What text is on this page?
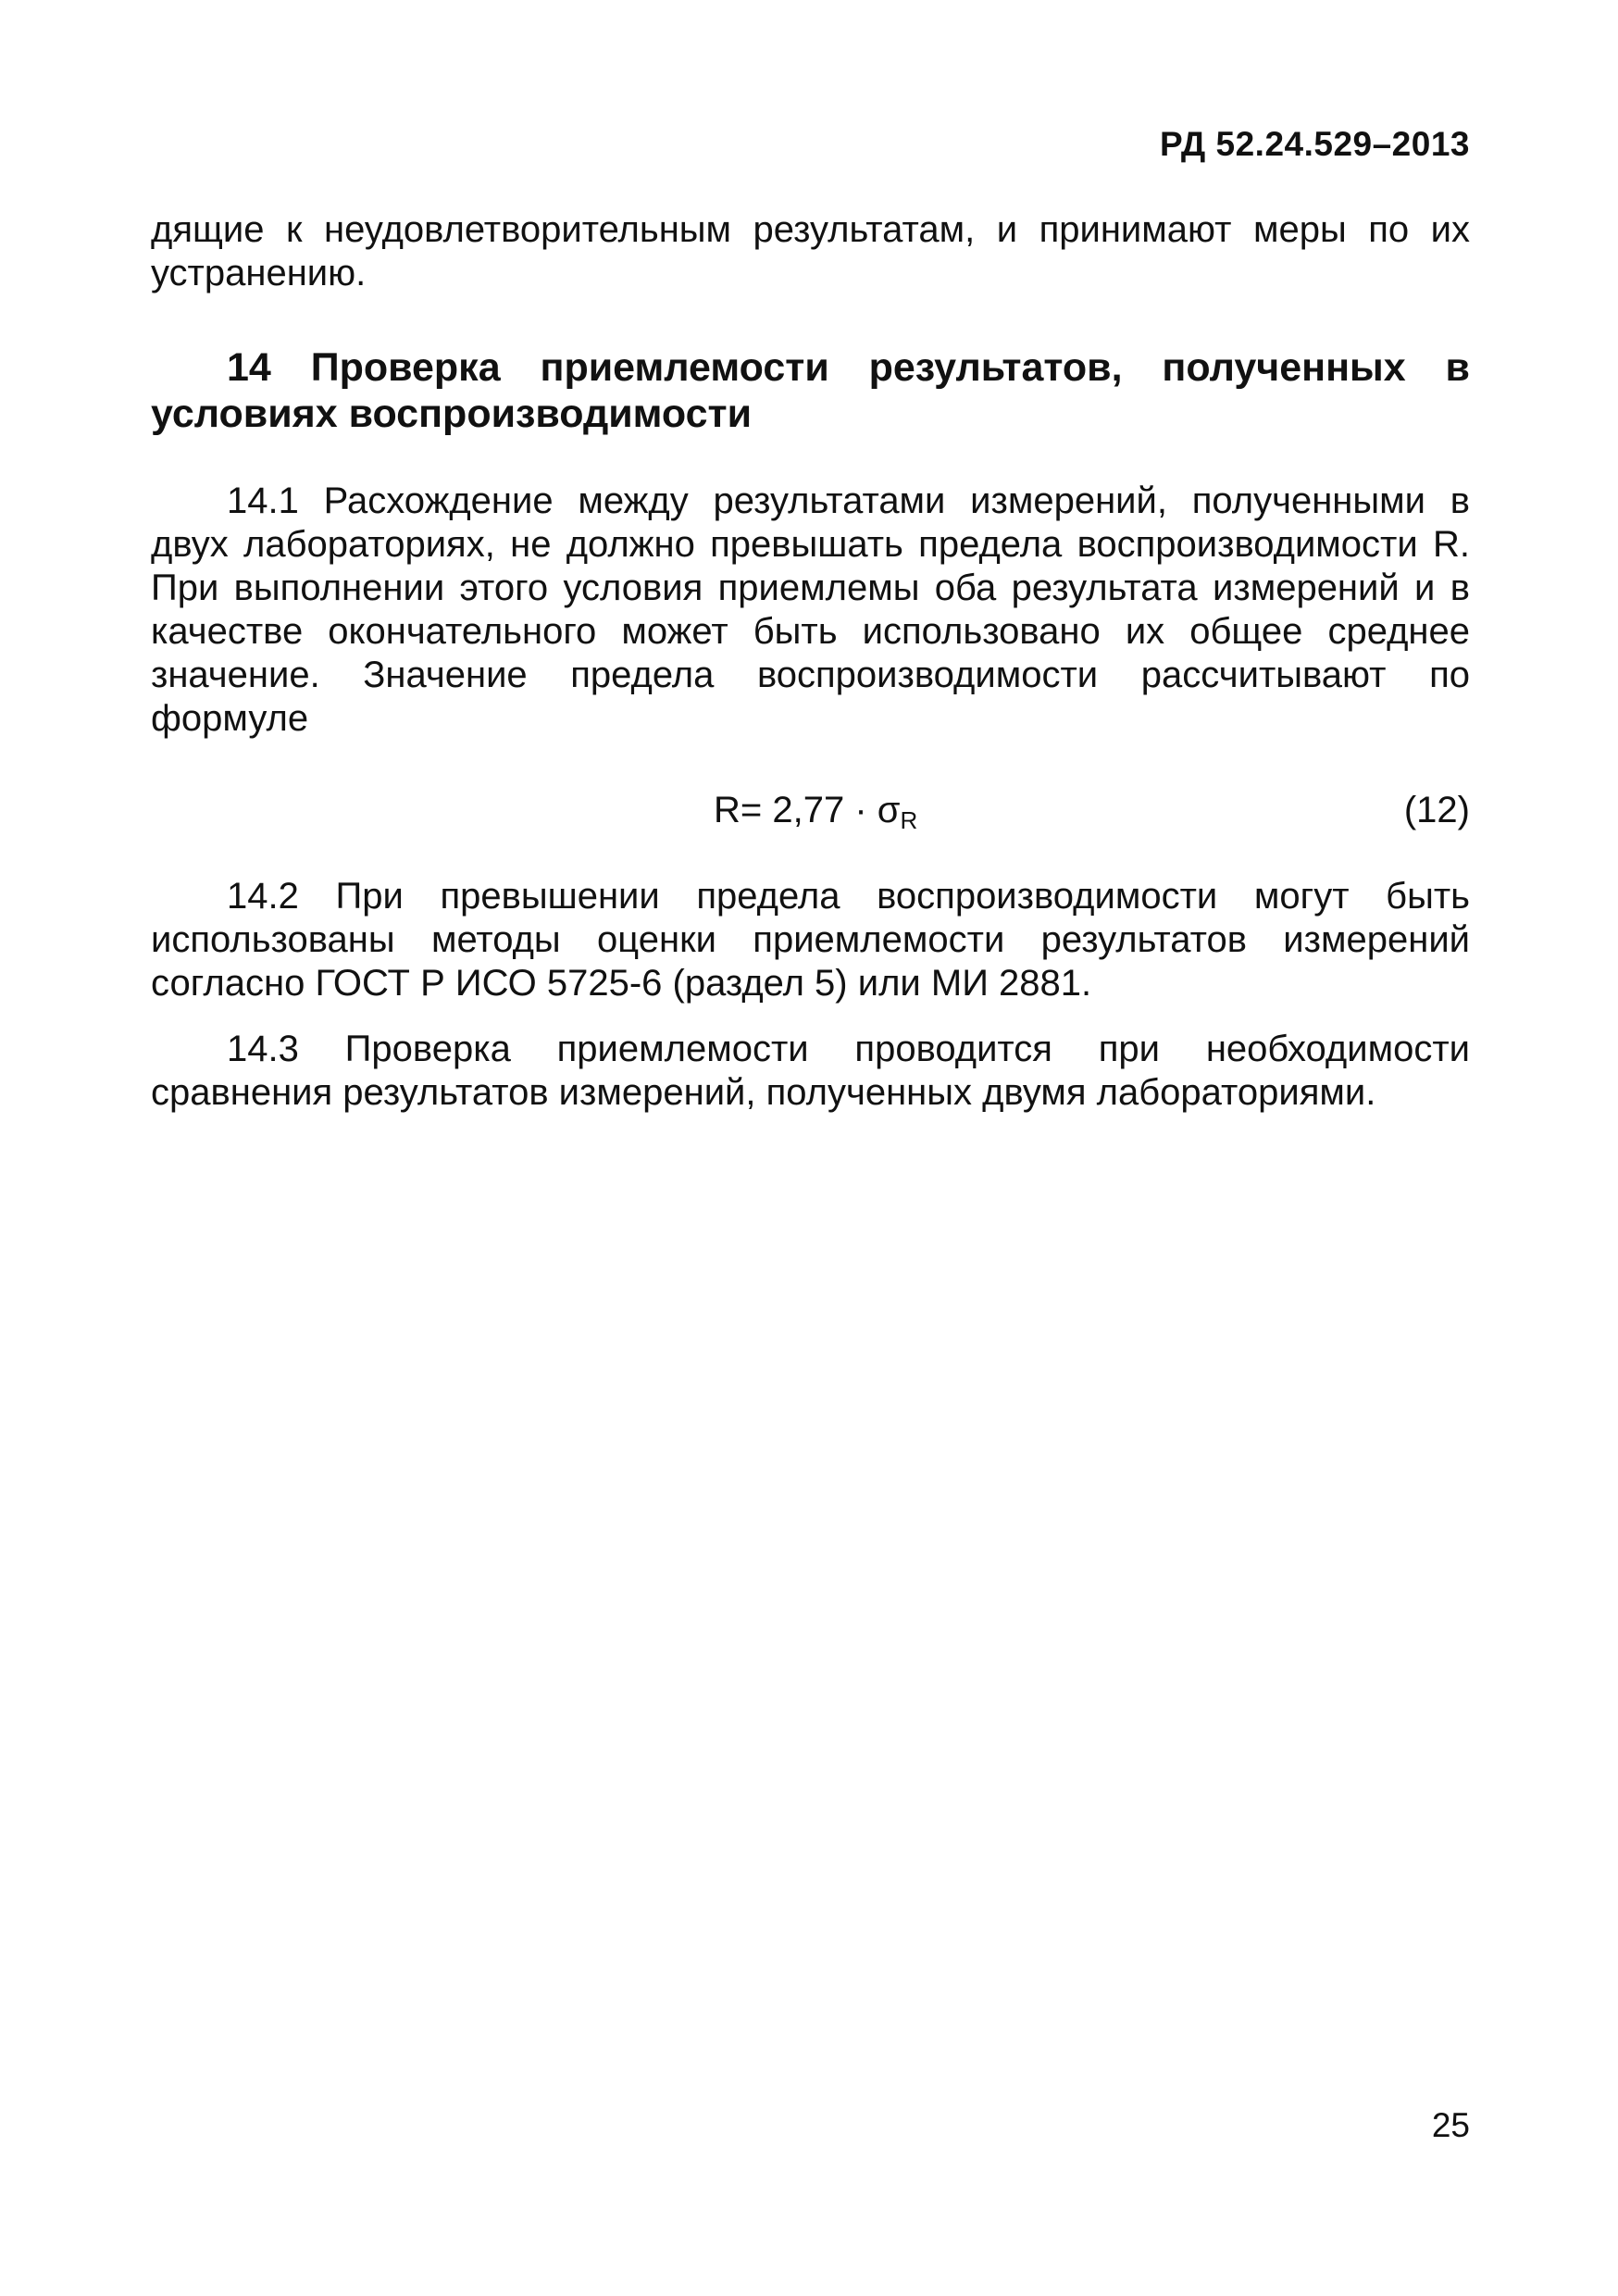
РД 52.24.529–2013
дящие к неудовлетворительным результатам, и принимают меры по их устранению.
14 Проверка приемлемости результатов, полученных в
условиях воспроизводимости
14.1 Расхождение между результатами измерений, полученными в двух лабораториях, не должно превышать предела воспроизводимости R. При выполнении этого условия приемлемы оба результата измерений и в качестве окончательного может быть использовано их общее среднее значение. Значение предела воспроизводимости рассчитывают по формуле
$R= 2,77 \cdot \sigma_R$	(12)
14.2 При превышении предела воспроизводимости могут быть использованы методы оценки приемлемости результатов измерений согласно ГОСТ Р ИСО 5725-6 (раздел 5) или МИ 2881.
14.3 Проверка приемлемости проводится при необходимости сравнения результатов измерений, полученных двумя лабораториями.
25
